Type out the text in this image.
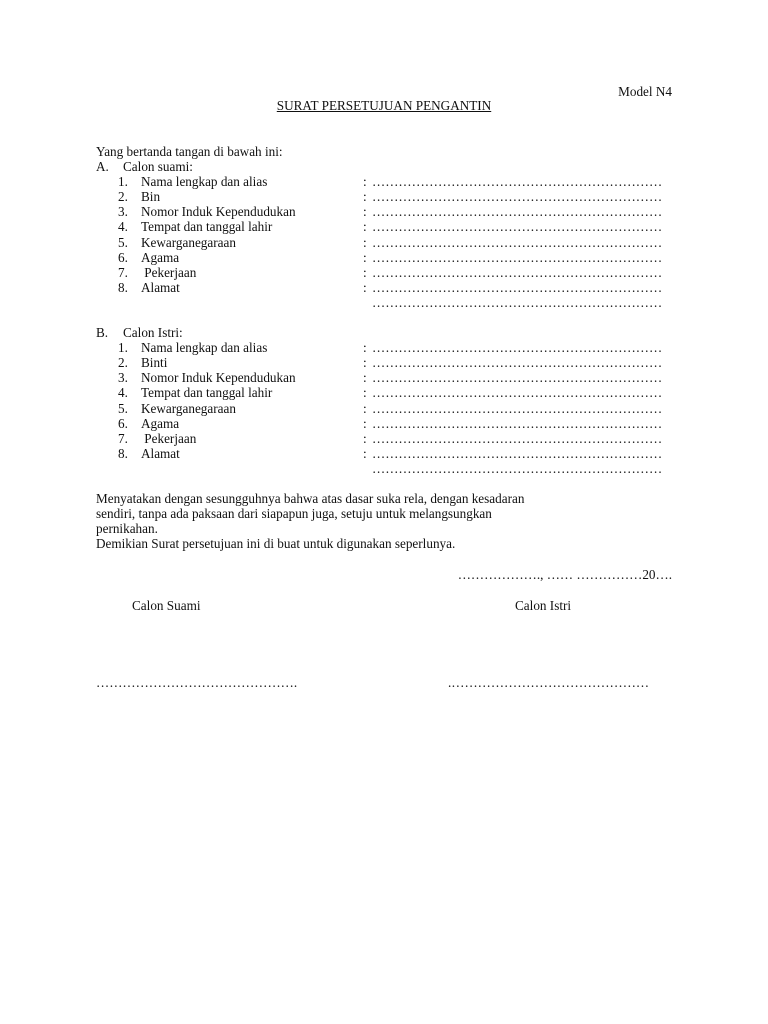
Model N4
SURAT PERSETUJUAN PENGANTIN
Yang bertanda tangan di bawah ini:
A. Calon suami:
1. Nama lengkap dan alias	: …………………………………………………………
2. Bin	: …………………………………………………………
3. Nomor Induk Kependudukan	: …………………………………………………………
4. Tempat dan tanggal lahir	: …………………………………………………………
5. Kewarganegaraan	: …………………………………………………………
6. Agama	: …………………………………………………………
7. Pekerjaan	: …………………………………………………………
8. Alamat	: …………………………………………………………
…………………………………………………………
B. Calon Istri:
1. Nama lengkap dan alias	: …………………………………………………………
2. Binti	: …………………………………………………………
3. Nomor Induk Kependudukan	: …………………………………………………………
4. Tempat dan tanggal lahir	: …………………………………………………………
5. Kewarganegaraan	: …………………………………………………………
6. Agama	: …………………………………………………………
7. Pekerjaan	: …………………………………………………………
8. Alamat	: …………………………………………………………
…………………………………………………………

Menyatakan dengan sesungguhnya bahwa atas dasar suka rela, dengan kesadaran

sendiri, tanpa ada paksaan dari siapapun juga, setuju untuk melangsungkan

pernikahan.

Demikian Surat persetujuan ini di buat untuk digunakan seperlunya.

………………., …… ……………20….
Calon Suami	Calon Istri
……………………………………….	.………………………………………
